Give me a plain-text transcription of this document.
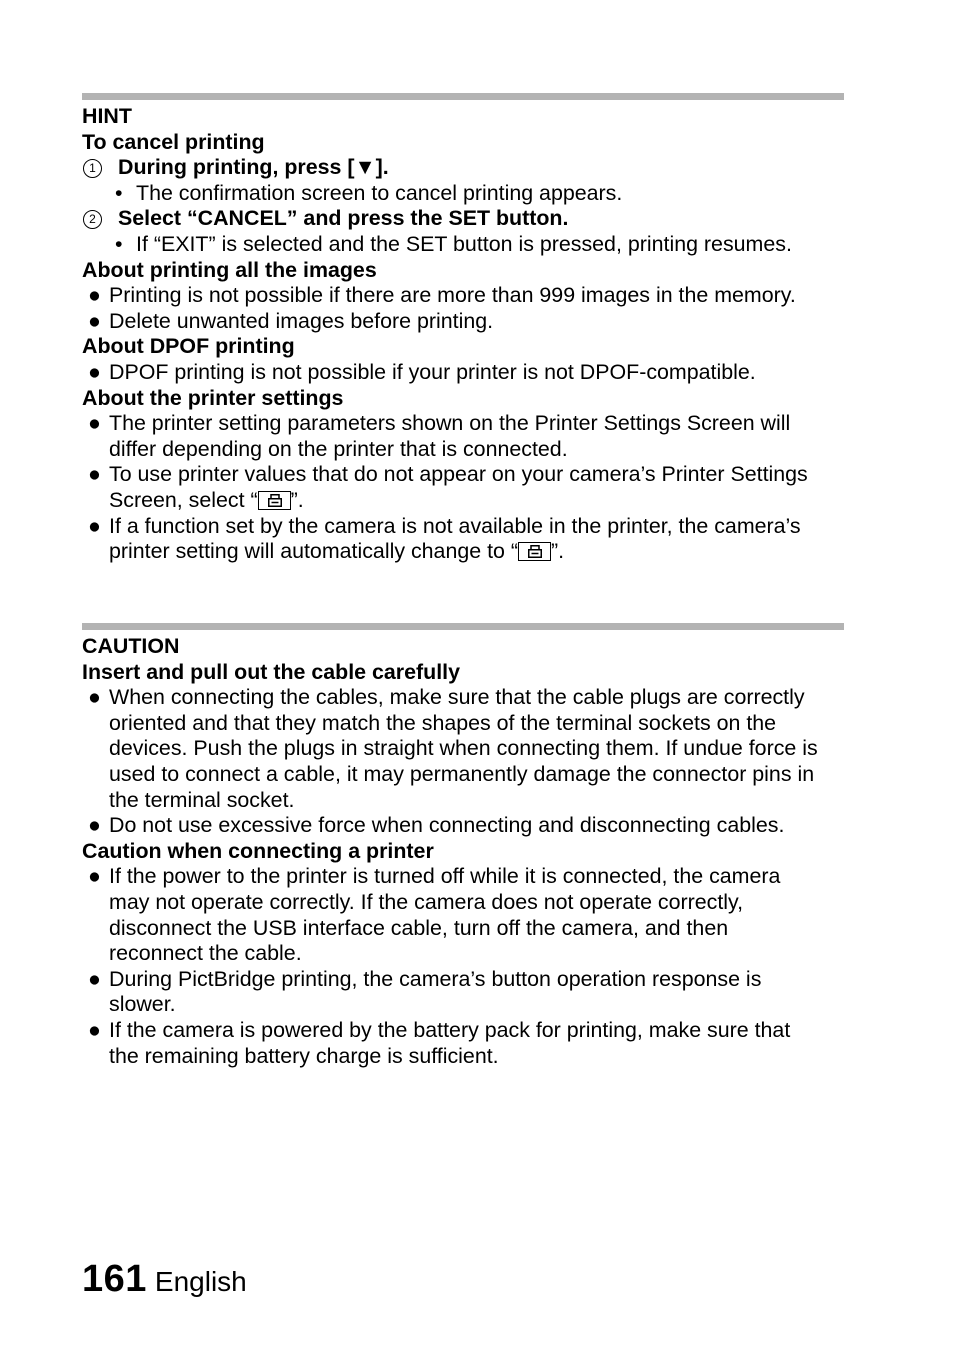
HINT
To cancel printing
1 During printing, press [▼].
• The confirmation screen to cancel printing appears.
2 Select “CANCEL” and press the SET button.
• If “EXIT” is selected and the SET button is pressed, printing resumes.
About printing all the images
● Printing is not possible if there are more than 999 images in the memory.
● Delete unwanted images before printing.
About DPOF printing
● DPOF printing is not possible if your printer is not DPOF-compatible.
About the printer settings
● The printer setting parameters shown on the Printer Settings Screen will
differ depending on the printer that is connected.
● To use printer values that do not appear on your camera’s Printer Settings
Screen, select “ ”.
● If a function set by the camera is not available in the printer, the camera’s
printer setting will automatically change to “ ”.
CAUTION
Insert and pull out the cable carefully
● When connecting the cables, make sure that the cable plugs are correctly
oriented and that they match the shapes of the terminal sockets on the
devices. Push the plugs in straight when connecting them. If undue force is
used to connect a cable, it may permanently damage the connector pins in
the terminal socket.
● Do not use excessive force when connecting and disconnecting cables.
Caution when connecting a printer
● If the power to the printer is turned off while it is connected, the camera
may not operate correctly. If the camera does not operate correctly,
disconnect the USB interface cable, turn off the camera, and then
reconnect the cable.
● During PictBridge printing, the camera’s button operation response is
slower.
● If the camera is powered by the battery pack for printing, make sure that
the remaining battery charge is sufficient.
161 English
